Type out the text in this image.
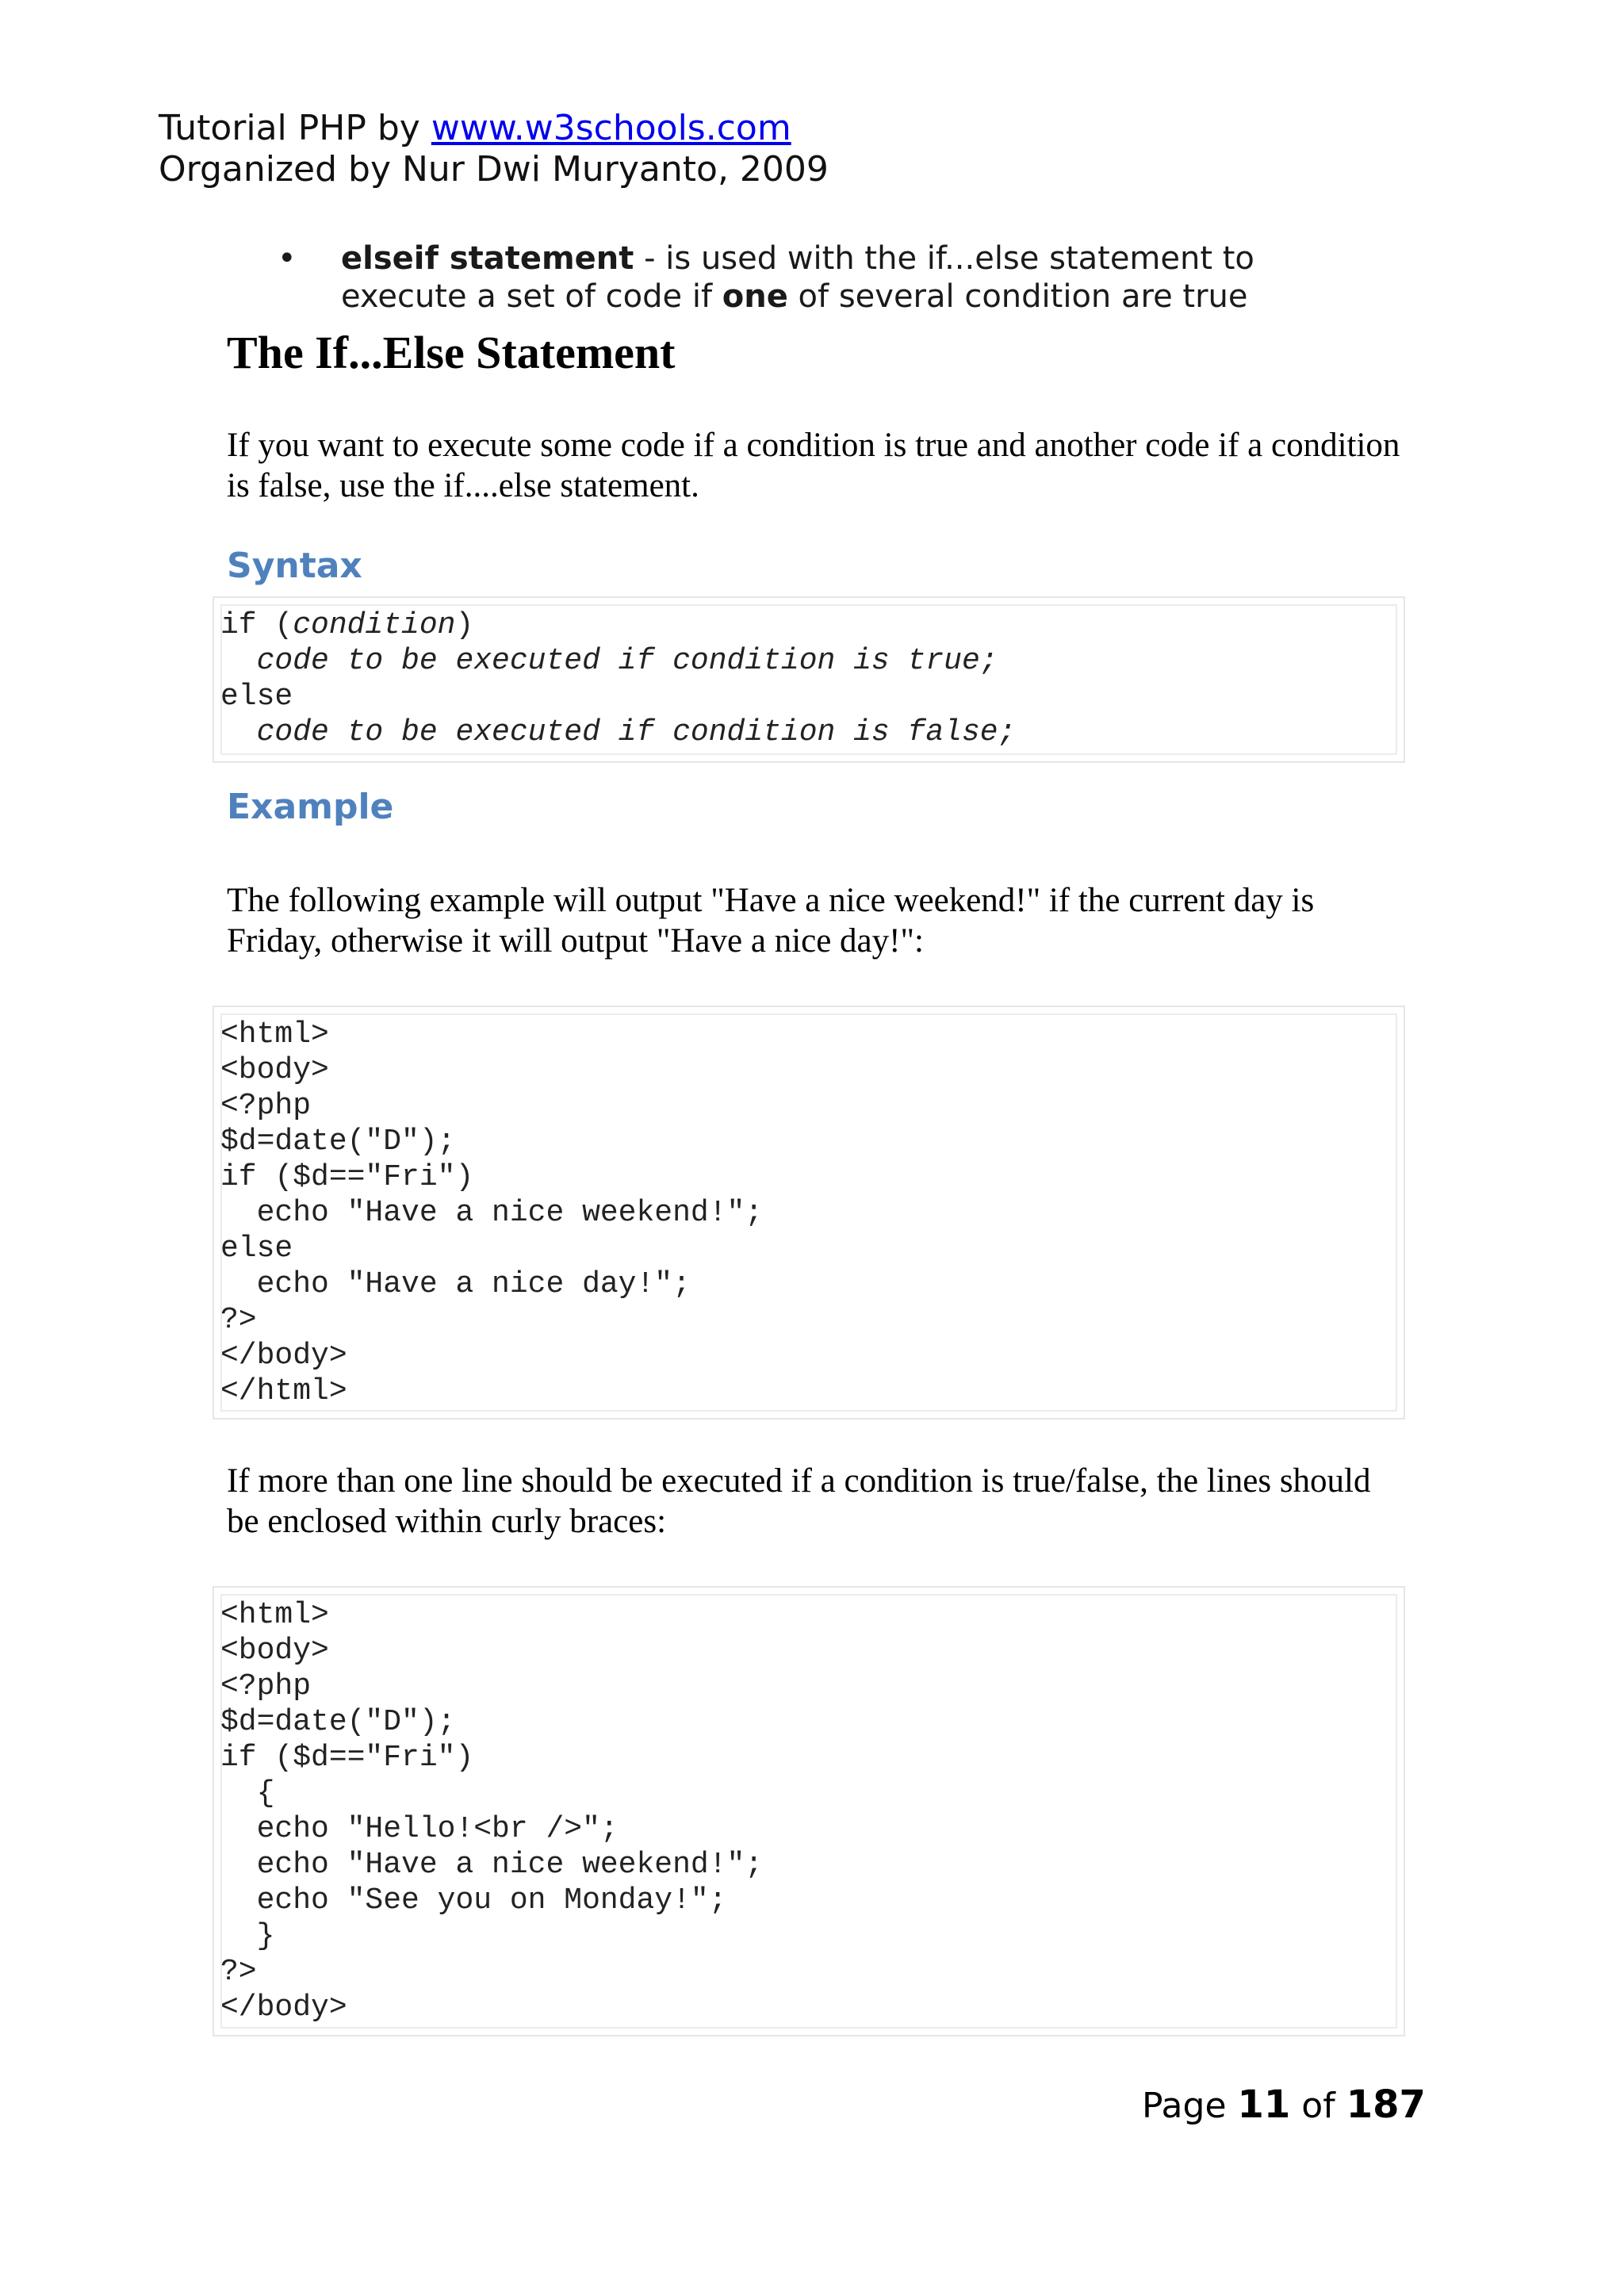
Tutorial PHP by www.w3schools.com
Organized by Nur Dwi Muryanto, 2009
•	elseif statement - is used with the if...else statement to execute a set of code if one of several condition are true
The If...Else Statement
If you want to execute some code if a condition is true and another code if a condition is false, use the if....else statement.
Syntax
if (condition)
code to be executed if condition is true;
else
code to be executed if condition is false;
Example
The following example will output "Have a nice weekend!" if the current day is Friday, otherwise it will output "Have a nice day!":
<html>
<body>
<?php
$d=date("D");
if ($d=="Fri")
echo "Have a nice weekend!";
else
echo "Have a nice day!";
?>
</body>
</html>
If more than one line should be executed if a condition is true/false, the lines should be enclosed within curly braces:
<html>
<body>
<?php
$d=date("D");
if ($d=="Fri")
{
echo "Hello!<br />";
echo "Have a nice weekend!";
echo "See you on Monday!";
}
?>
</body>
Page 11 of 187
